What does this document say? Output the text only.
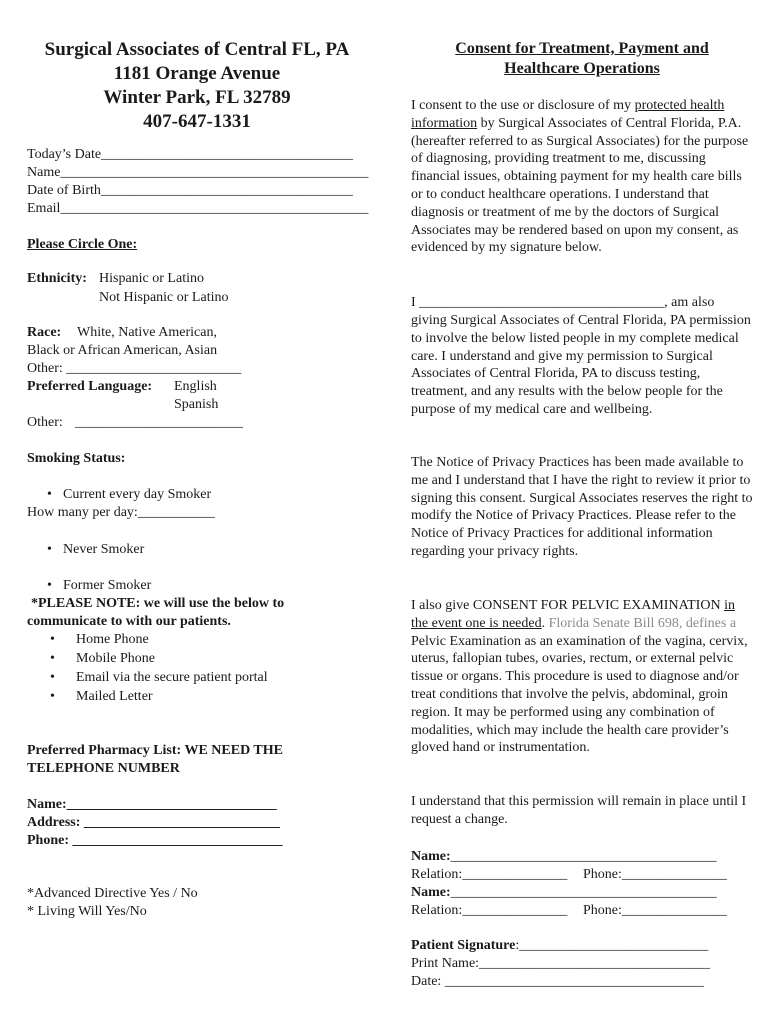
Surgical Associates of Central FL, PA
1181 Orange Avenue
Winter Park, FL 32789
407-647-1331
Today’s Date____________________________________
Name____________________________________________
Date of Birth____________________________________
Email____________________________________________
Please Circle One:
Ethnicity: Hispanic or Latino
Not Hispanic or Latino
Race: White, Native American,
Black or African American, Asian
Other: _________________________
Preferred Language: English
Spanish
Other: ________________________
Smoking Status:
• Current every day Smoker
How many per day:___________
• Never Smoker
• Former Smoker
*PLEASE NOTE: we will use the below to
communicate to with our patients.
• Home Phone
• Mobile Phone
• Email via the secure patient portal
• Mailed Letter
Preferred Pharmacy List: WE NEED THE
TELEPHONE NUMBER
Name:______________________________
Address: ____________________________
Phone: ______________________________
*Advanced Directive Yes / No
* Living Will Yes/No
Consent for Treatment, Payment and
Healthcare Operations
I consent to the use or disclosure of my protected health information by Surgical Associates of Central Florida, P.A. (hereafter referred to as Surgical Associates) for the purpose of diagnosing, providing treatment to me, discussing financial issues, obtaining payment for my health care bills or to conduct healthcare operations. I understand that diagnosis or treatment of me by the doctors of Surgical Associates may be rendered based on upon my consent, as evidenced by my signature below.
I ___________________________________, am also
giving Surgical Associates of Central Florida, PA permission to involve the below listed people in my complete medical care. I understand and give my permission to Surgical Associates of Central Florida, PA to discuss testing, treatment, and any results with the below people for the purpose of my medical care and wellbeing.
The Notice of Privacy Practices has been made available to me and I understand that I have the right to review it prior to signing this consent. Surgical Associates reserves the right to modify the Notice of Privacy Practices. Please refer to the Notice of Privacy Practices for additional information regarding your privacy rights.
I also give CONSENT FOR PELVIC EXAMINATION in the event one is needed. Florida Senate Bill 698, defines a Pelvic Examination as an examination of the vagina, cervix, uterus, fallopian tubes, ovaries, rectum, or external pelvic tissue or organs. This procedure is used to diagnose and/or treat conditions that involve the pelvis, abdominal, groin region. It may be performed using any combination of modalities, which may include the health care provider’s gloved hand or instrumentation.
I understand that this permission will remain in place until I request a change.
Name:______________________________________
Relation:_______________ Phone:_______________
Name:______________________________________
Relation:_______________ Phone:_______________
Patient Signature:___________________________
Print Name:_________________________________
Date: _____________________________________
